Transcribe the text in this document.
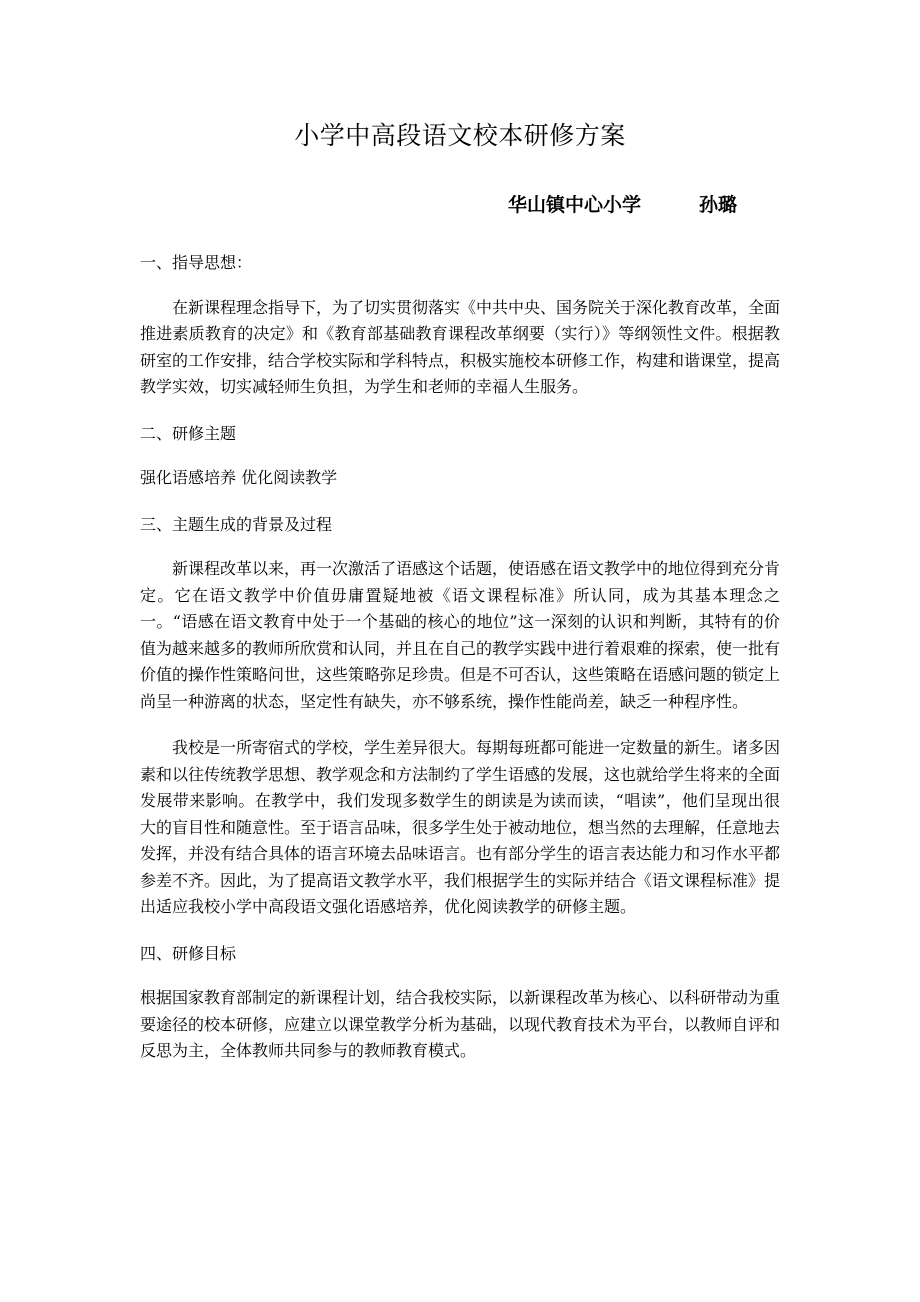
小学中高段语文校本研修方案
华山镇中心小学	孙璐

一、指导思想：

在新课程理念指导下，为了切实贯彻落实《中共中央、国务院关于深化教育改革，全面推进素质教育的决定》和《教育部基础教育课程改革纲要（实行）》等纲领性文件。根据教研室的工作安排，结合学校实际和学科特点，积极实施校本研修工作，构建和谐课堂，提高教学实效，切实减轻师生负担，为学生和老师的幸福人生服务。

二、研修主题

强化语感培养 优化阅读教学

三、主题生成的背景及过程

新课程改革以来，再一次激活了语感这个话题，使语感在语文教学中的地位得到充分肯定。它在语文教学中价值毋庸置疑地被《语文课程标准》所认同，成为其基本理念之一。“语感在语文教育中处于一个基础的核心的地位”这一深刻的认识和判断，其特有的价值为越来越多的教师所欣赏和认同，并且在自己的教学实践中进行着艰难的探索，使一批有价值的操作性策略问世，这些策略弥足珍贵。但是不可否认，这些策略在语感问题的锁定上尚呈一种游离的状态，坚定性有缺失，亦不够系统，操作性能尚差，缺乏一种程序性。

我校是一所寄宿式的学校，学生差异很大。每期每班都可能进一定数量的新生。诸多因素和以往传统教学思想、教学观念和方法制约了学生语感的发展，这也就给学生将来的全面发展带来影响。在教学中，我们发现多数学生的朗读是为读而读，“唱读”，他们呈现出很大的盲目性和随意性。至于语言品味，很多学生处于被动地位，想当然的去理解，任意地去发挥，并没有结合具体的语言环境去品味语言。也有部分学生的语言表达能力和习作水平都参差不齐。因此，为了提高语文教学水平，我们根据学生的实际并结合《语文课程标准》提出适应我校小学中高段语文强化语感培养，优化阅读教学的研修主题。

四、研修目标

根据国家教育部制定的新课程计划，结合我校实际，以新课程改革为核心、以科研带动为重要途径的校本研修，应建立以课堂教学分析为基础，以现代教育技术为平台，以教师自评和反思为主，全体教师共同参与的教师教育模式。
